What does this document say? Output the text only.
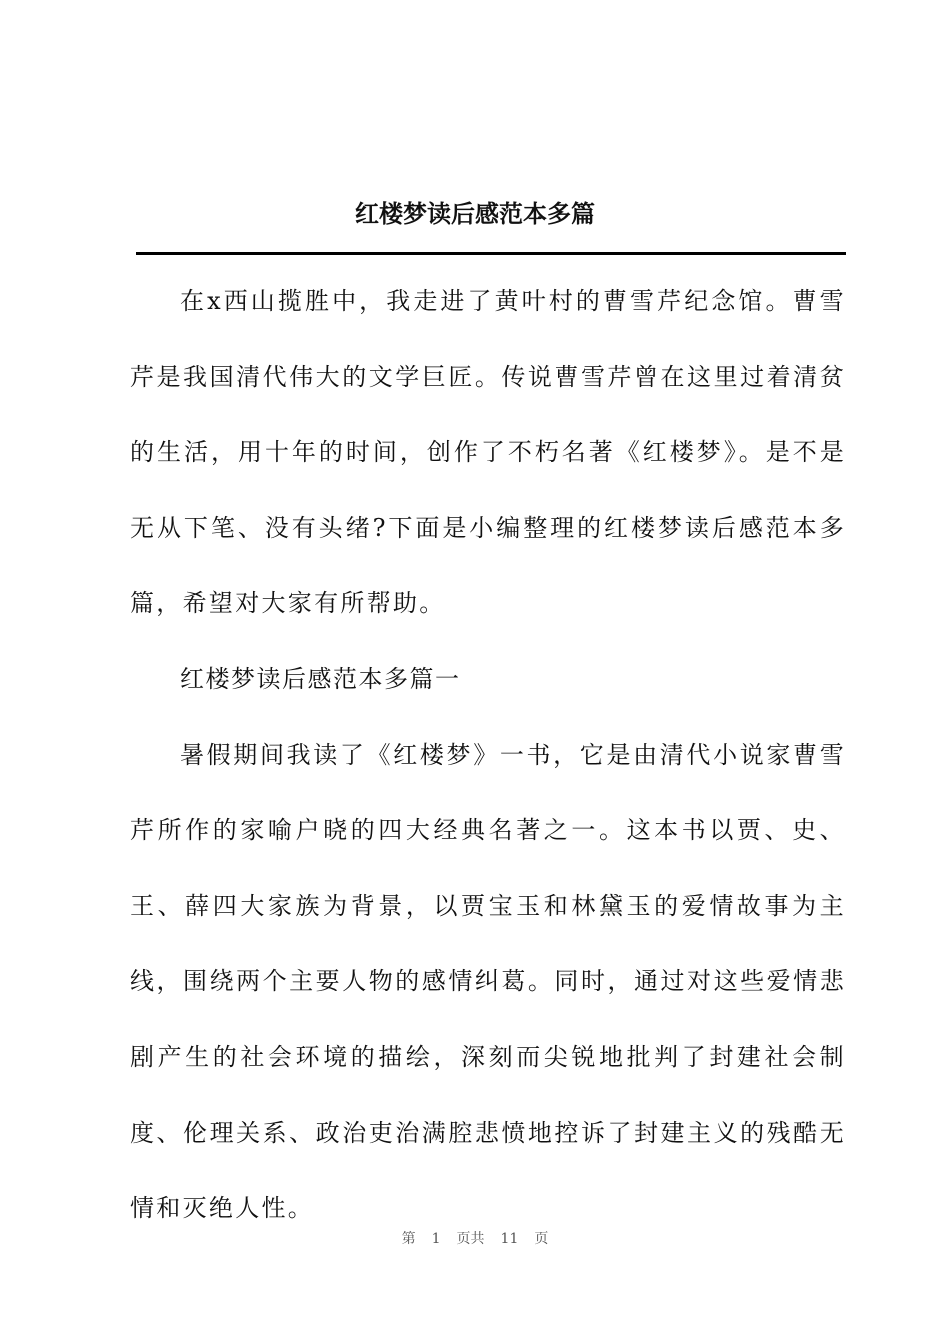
红楼梦读后感范本多篇

在x西山揽胜中，我走进了黄叶村的曹雪芹纪念馆。曹雪芹是我国清代伟大的文学巨匠。传说曹雪芹曾在这里过着清贫的生活，用十年的时间，创作了不朽名著《红楼梦》。是不是无从下笔、没有头绪?下面是小编整理的红楼梦读后感范本多篇，希望对大家有所帮助。

红楼梦读后感范本多篇一

暑假期间我读了《红楼梦》一书，它是由清代小说家曹雪芹所作的家喻户晓的四大经典名著之一。这本书以贾、史、王、薛四大家族为背景，以贾宝玉和林黛玉的爱情故事为主线，围绕两个主要人物的感情纠葛。同时，通过对这些爱情悲剧产生的社会环境的描绘，深刻而尖锐地批判了封建社会制度、伦理关系、政治吏治满腔悲愤地控诉了封建主义的残酷无情和灭绝人性。

第 1 页共 11 页
